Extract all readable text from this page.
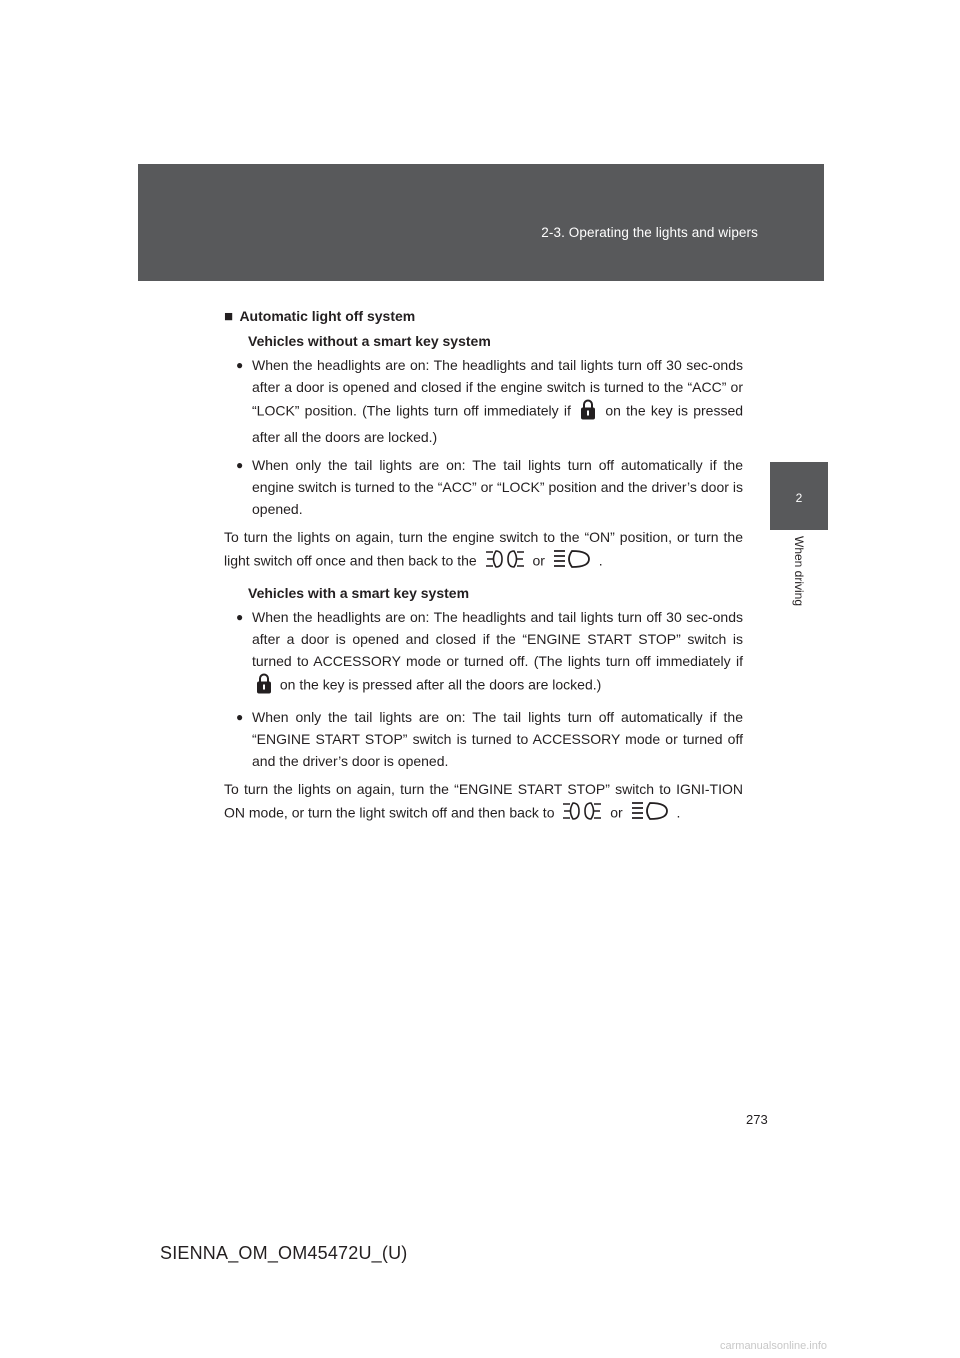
2-3. Operating the lights and wipers
2
When driving
■ Automatic light off system
Vehicles without a smart key system
● When the headlights are on: The headlights and tail lights turn off 30 sec-onds after a door is opened and closed if the engine switch is turned to the “ACC” or “LOCK” position. (The lights turn off immediately if on the key is pressed after all the doors are locked.)
● When only the tail lights are on: The tail lights turn off automatically if the engine switch is turned to the “ACC” or “LOCK” position and the driver’s door is opened.
To turn the lights on again, turn the engine switch to the “ON” position, or turn the light switch off once and then back to the	or	.
Vehicles with a smart key system
● When the headlights are on: The headlights and tail lights turn off 30 sec-onds after a door is opened and closed if the “ENGINE START STOP” switch is turned to ACCESSORY mode or turned off. (The lights turn off immediately if  on the key is pressed after all the doors are locked.)
● When only the tail lights are on: The tail lights turn off automatically if the “ENGINE START STOP” switch is turned to ACCESSORY mode or turned off and the driver’s door is opened.
To turn the lights on again, turn the “ENGINE START STOP” switch to IGNI-TION ON mode, or turn the light switch off and then back to	or	.
273
SIENNA_OM_OM45472U_(U)
carmanualsonline.info
